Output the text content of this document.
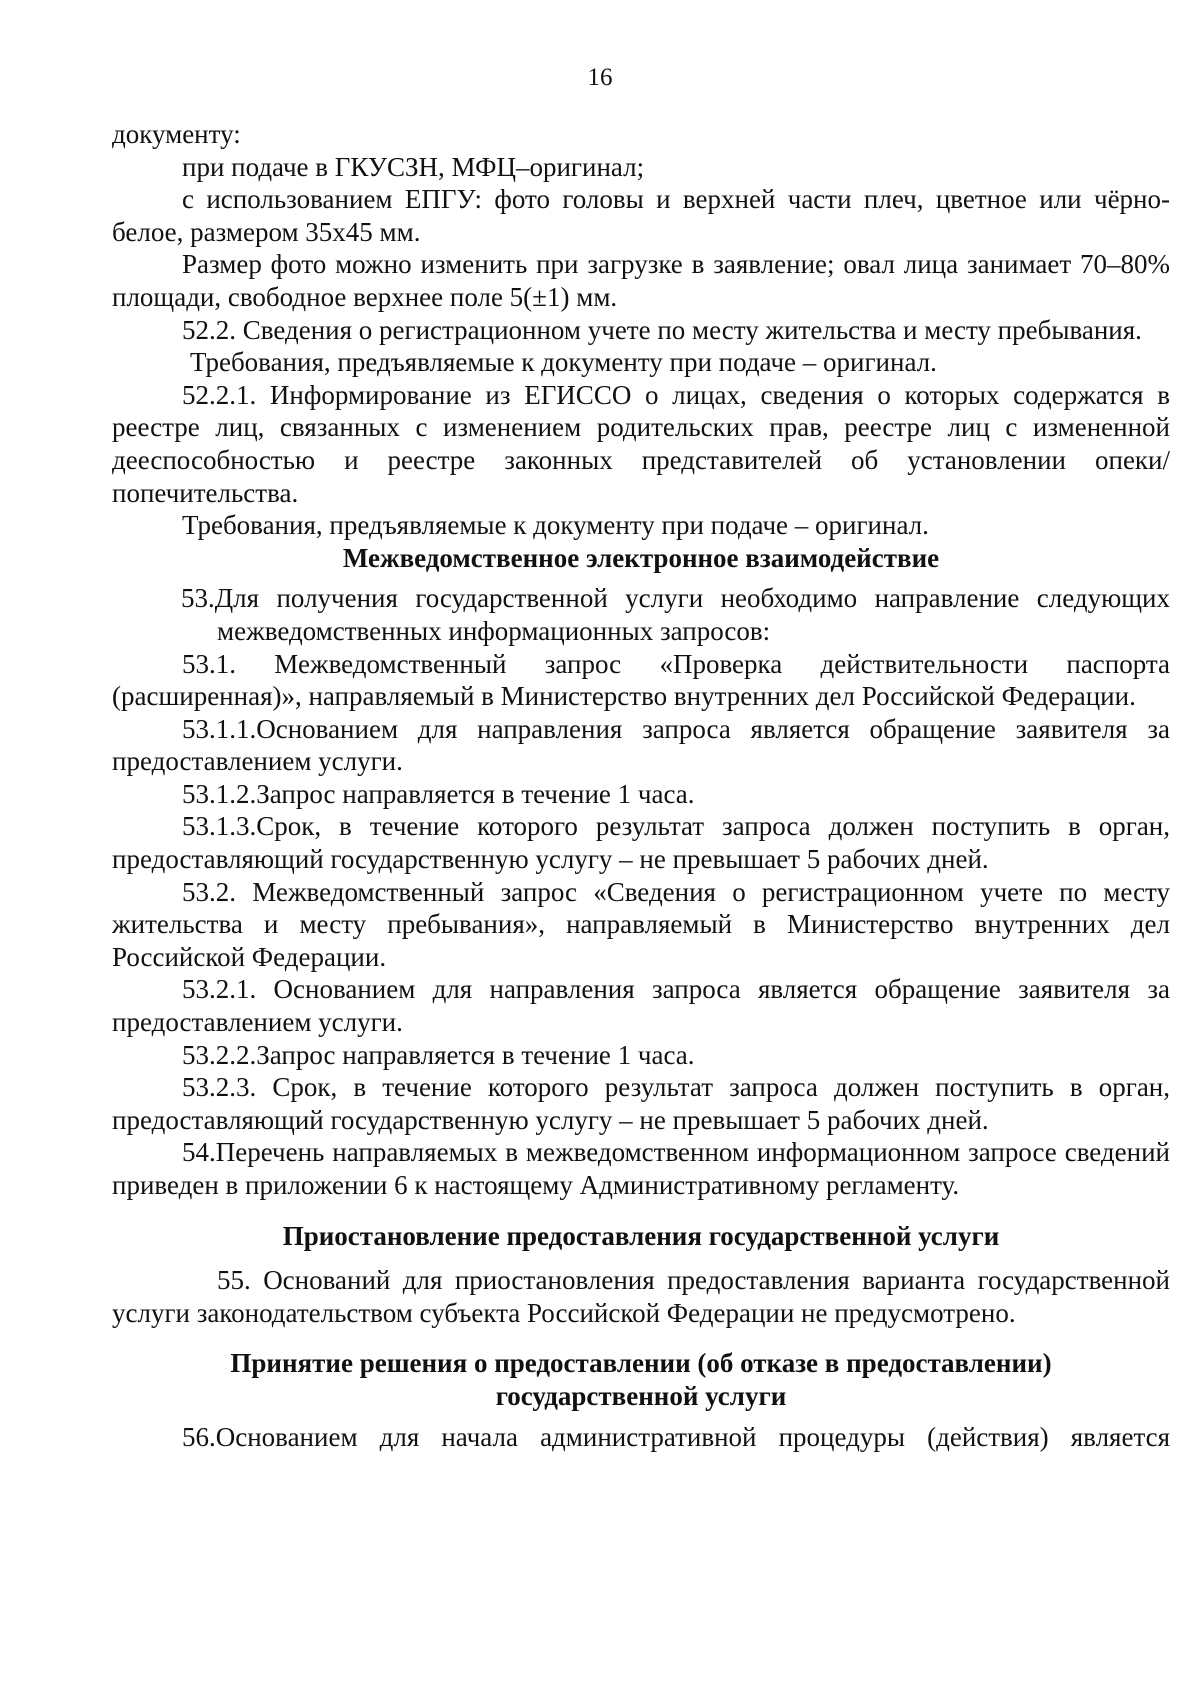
16

документу:

при подаче в ГКУСЗН, МФЦ–оригинал;

с использованием ЕПГУ: фото головы и верхней части плеч, цветное или чёрно-белое, размером 35х45 мм.

Размер фото можно изменить при загрузке в заявление; овал лица занимает 70–80% площади, свободное верхнее поле 5(±1) мм.

52.2. Сведения о регистрационном учете по месту жительства и месту пребывания.

Требования, предъявляемые к документу при подаче – оригинал.

52.2.1. Информирование из ЕГИССО о лицах, сведения о которых содержатся в реестре лиц, связанных с изменением родительских прав, реестре лиц с измененной дееспособностью и реестре законных представителей об установлении опеки/ попечительства.

Требования, предъявляемые к документу при подаче – оригинал.

Межведомственное электронное взаимодействие

53.Для получения государственной услуги необходимо направление следующих межведомственных информационных запросов:

53.1. Межведомственный запрос «Проверка действительности паспорта (расширенная)», направляемый в Министерство внутренних дел Российской Федерации.

53.1.1.Основанием для направления запроса является обращение заявителя за предоставлением услуги.

53.1.2.Запрос направляется в течение 1 часа.

53.1.3.Срок, в течение которого результат запроса должен поступить в орган, предоставляющий государственную услугу – не превышает 5 рабочих дней.

53.2. Межведомственный запрос «Сведения о регистрационном учете по месту жительства и месту пребывания», направляемый в Министерство внутренних дел Российской Федерации.

53.2.1. Основанием для направления запроса является обращение заявителя за предоставлением услуги.

53.2.2.Запрос направляется в течение 1 часа.

53.2.3. Срок, в течение которого результат запроса должен поступить в орган, предоставляющий государственную услугу – не превышает 5 рабочих дней.

54.Перечень направляемых в межведомственном информационном запросе сведений приведен в приложении 6 к настоящему Административному регламенту.

Приостановление предоставления государственной услуги

55. Оснований для приостановления предоставления варианта государственной услуги законодательством субъекта Российской Федерации не предусмотрено.

Принятие решения о предоставлении (об отказе в предоставлении)

государственной услуги

56.Основанием для начала административной процедуры (действия) является
